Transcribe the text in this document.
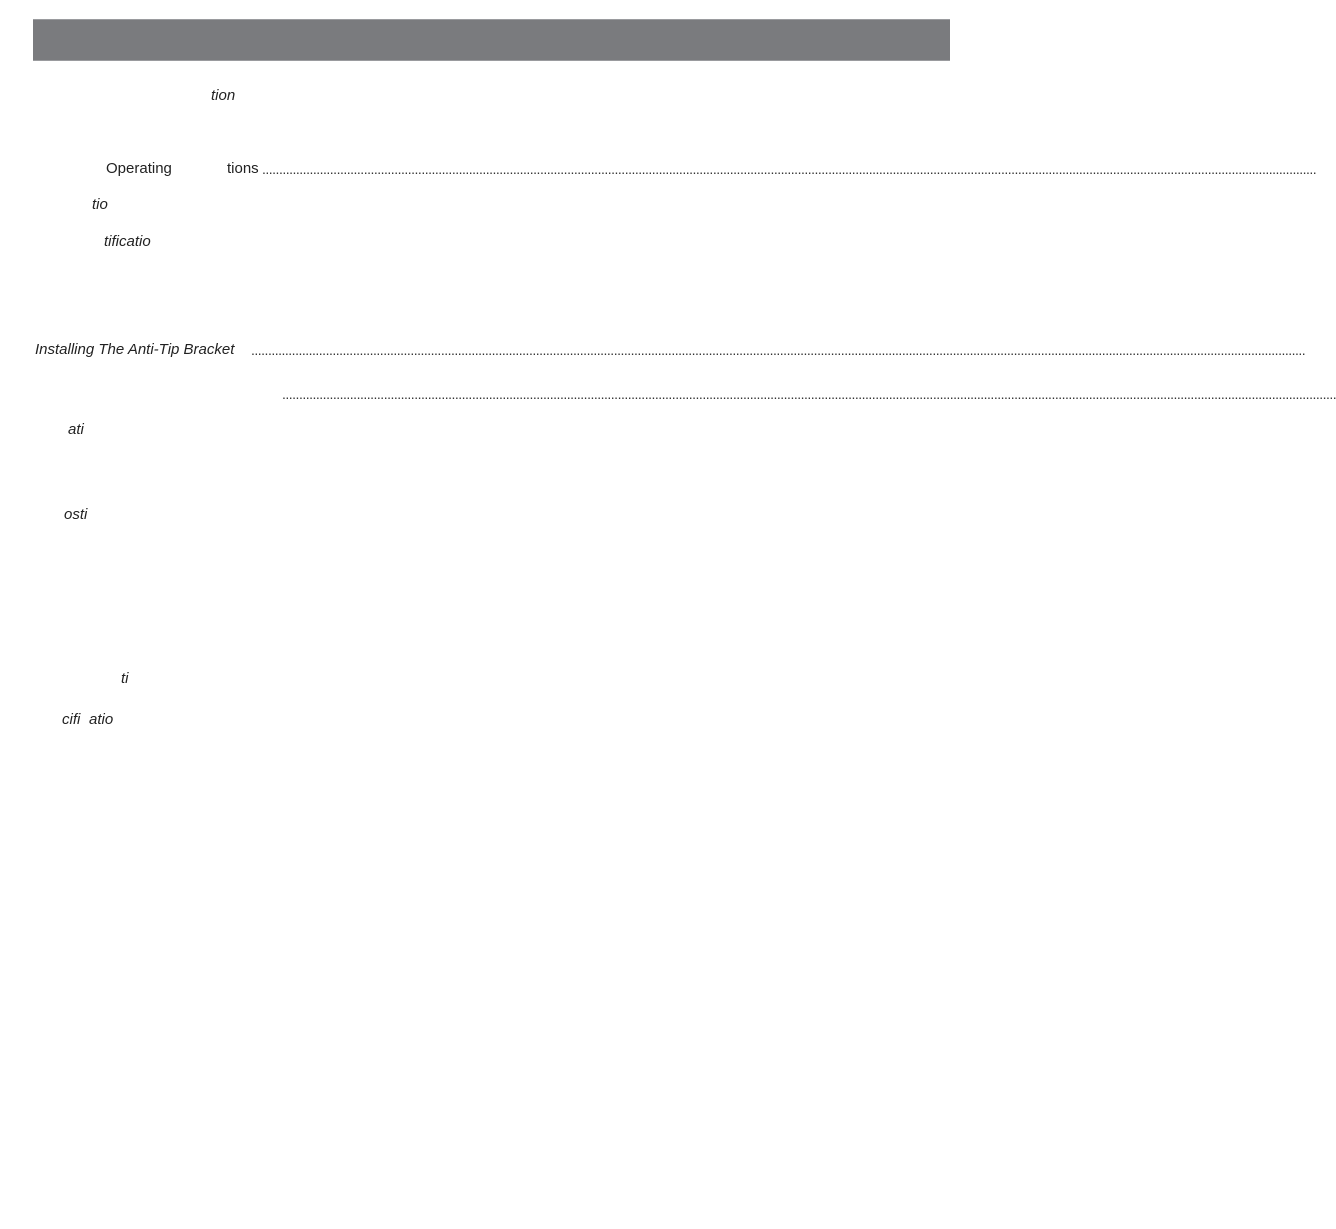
tion
Operating	tions .......................................................................................................................................................................................................................................................................................................................
tio
tificatio
Installing The Anti-Tip Bracket .......................................................................................................................................................................................................................................................................................................................
.......................................................................................................................................................................................................................................................................................................................
ati
osti
ti
cifi atio
